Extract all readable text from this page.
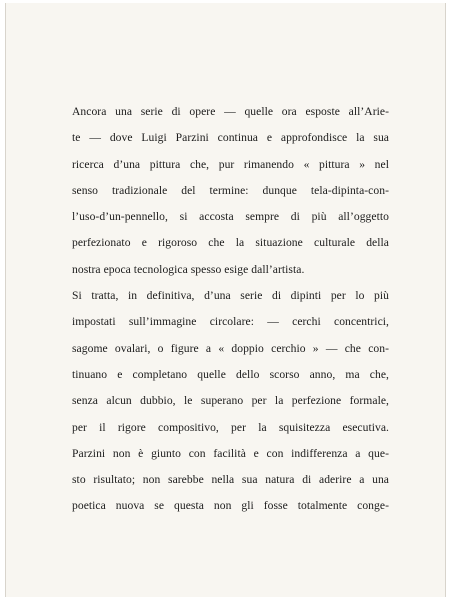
Ancora una serie di opere — quelle ora esposte all’Arie-
te — dove Luigi Parzini continua e approfondisce la sua
ricerca d’una pittura che, pur rimanendo « pittura » nel
senso tradizionale del termine: dunque tela-dipinta-con-
l’uso-d’un-pennello, si accosta sempre di più all’oggetto
perfezionato e rigoroso che la situazione culturale della
nostra epoca tecnologica spesso esige dall’artista.
Si tratta, in definitiva, d’una serie di dipinti per lo più
impostati sull’immagine circolare: — cerchi concentrici,
sagome ovalari, o figure a « doppio cerchio » — che con-
tinuano e completano quelle dello scorso anno, ma che,
senza alcun dubbio, le superano per la perfezione formale,
per il rigore compositivo, per la squisitezza esecutiva.
Parzini non è giunto con facilità e con indifferenza a que-
sto risultato; non sarebbe nella sua natura di aderire a una
poetica nuova se questa non gli fosse totalmente conge-
